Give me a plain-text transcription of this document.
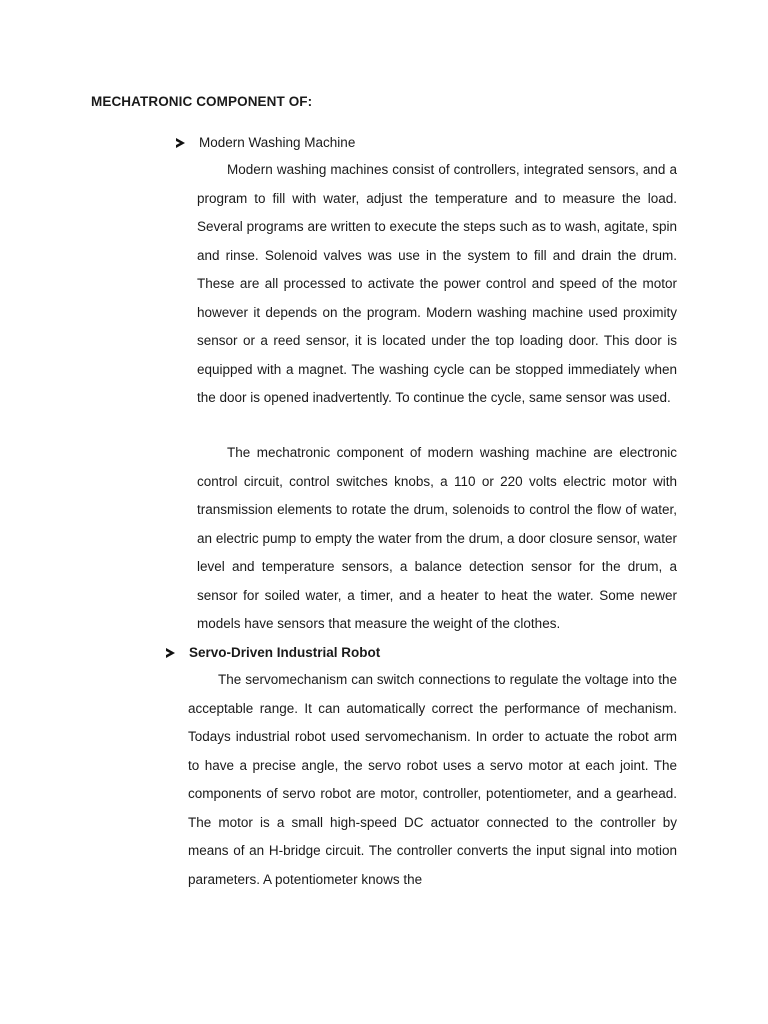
MECHATRONIC COMPONENT OF:
Modern Washing Machine

Modern washing machines consist of controllers, integrated sensors, and a program to fill with water, adjust the temperature and to measure the load. Several programs are written to execute the steps such as to wash, agitate, spin and rinse. Solenoid valves was use in the system to fill and drain the drum. These are all processed to activate the power control and speed of the motor however it depends on the program. Modern washing machine used proximity sensor or a reed sensor, it is located under the top loading door. This door is equipped with a magnet. The washing cycle can be stopped immediately when the door is opened inadvertently. To continue the cycle, same sensor was used.

The mechatronic component of modern washing machine are electronic control circuit, control switches knobs, a 110 or 220 volts electric motor with transmission elements to rotate the drum, solenoids to control the flow of water, an electric pump to empty the water from the drum, a door closure sensor, water level and temperature sensors, a balance detection sensor for the drum, a sensor for soiled water, a timer, and a heater to heat the water. Some newer models have sensors that measure the weight of the clothes.

Servo-Driven Industrial Robot

The servomechanism can switch connections to regulate the voltage into the acceptable range. It can automatically correct the performance of mechanism. Todays industrial robot used servomechanism. In order to actuate the robot arm to have a precise angle, the servo robot uses a servo motor at each joint. The components of servo robot are motor, controller, potentiometer, and a gearhead. The motor is a small high-speed DC actuator connected to the controller by means of an H-bridge circuit. The controller converts the input signal into motion parameters. A potentiometer knows the
